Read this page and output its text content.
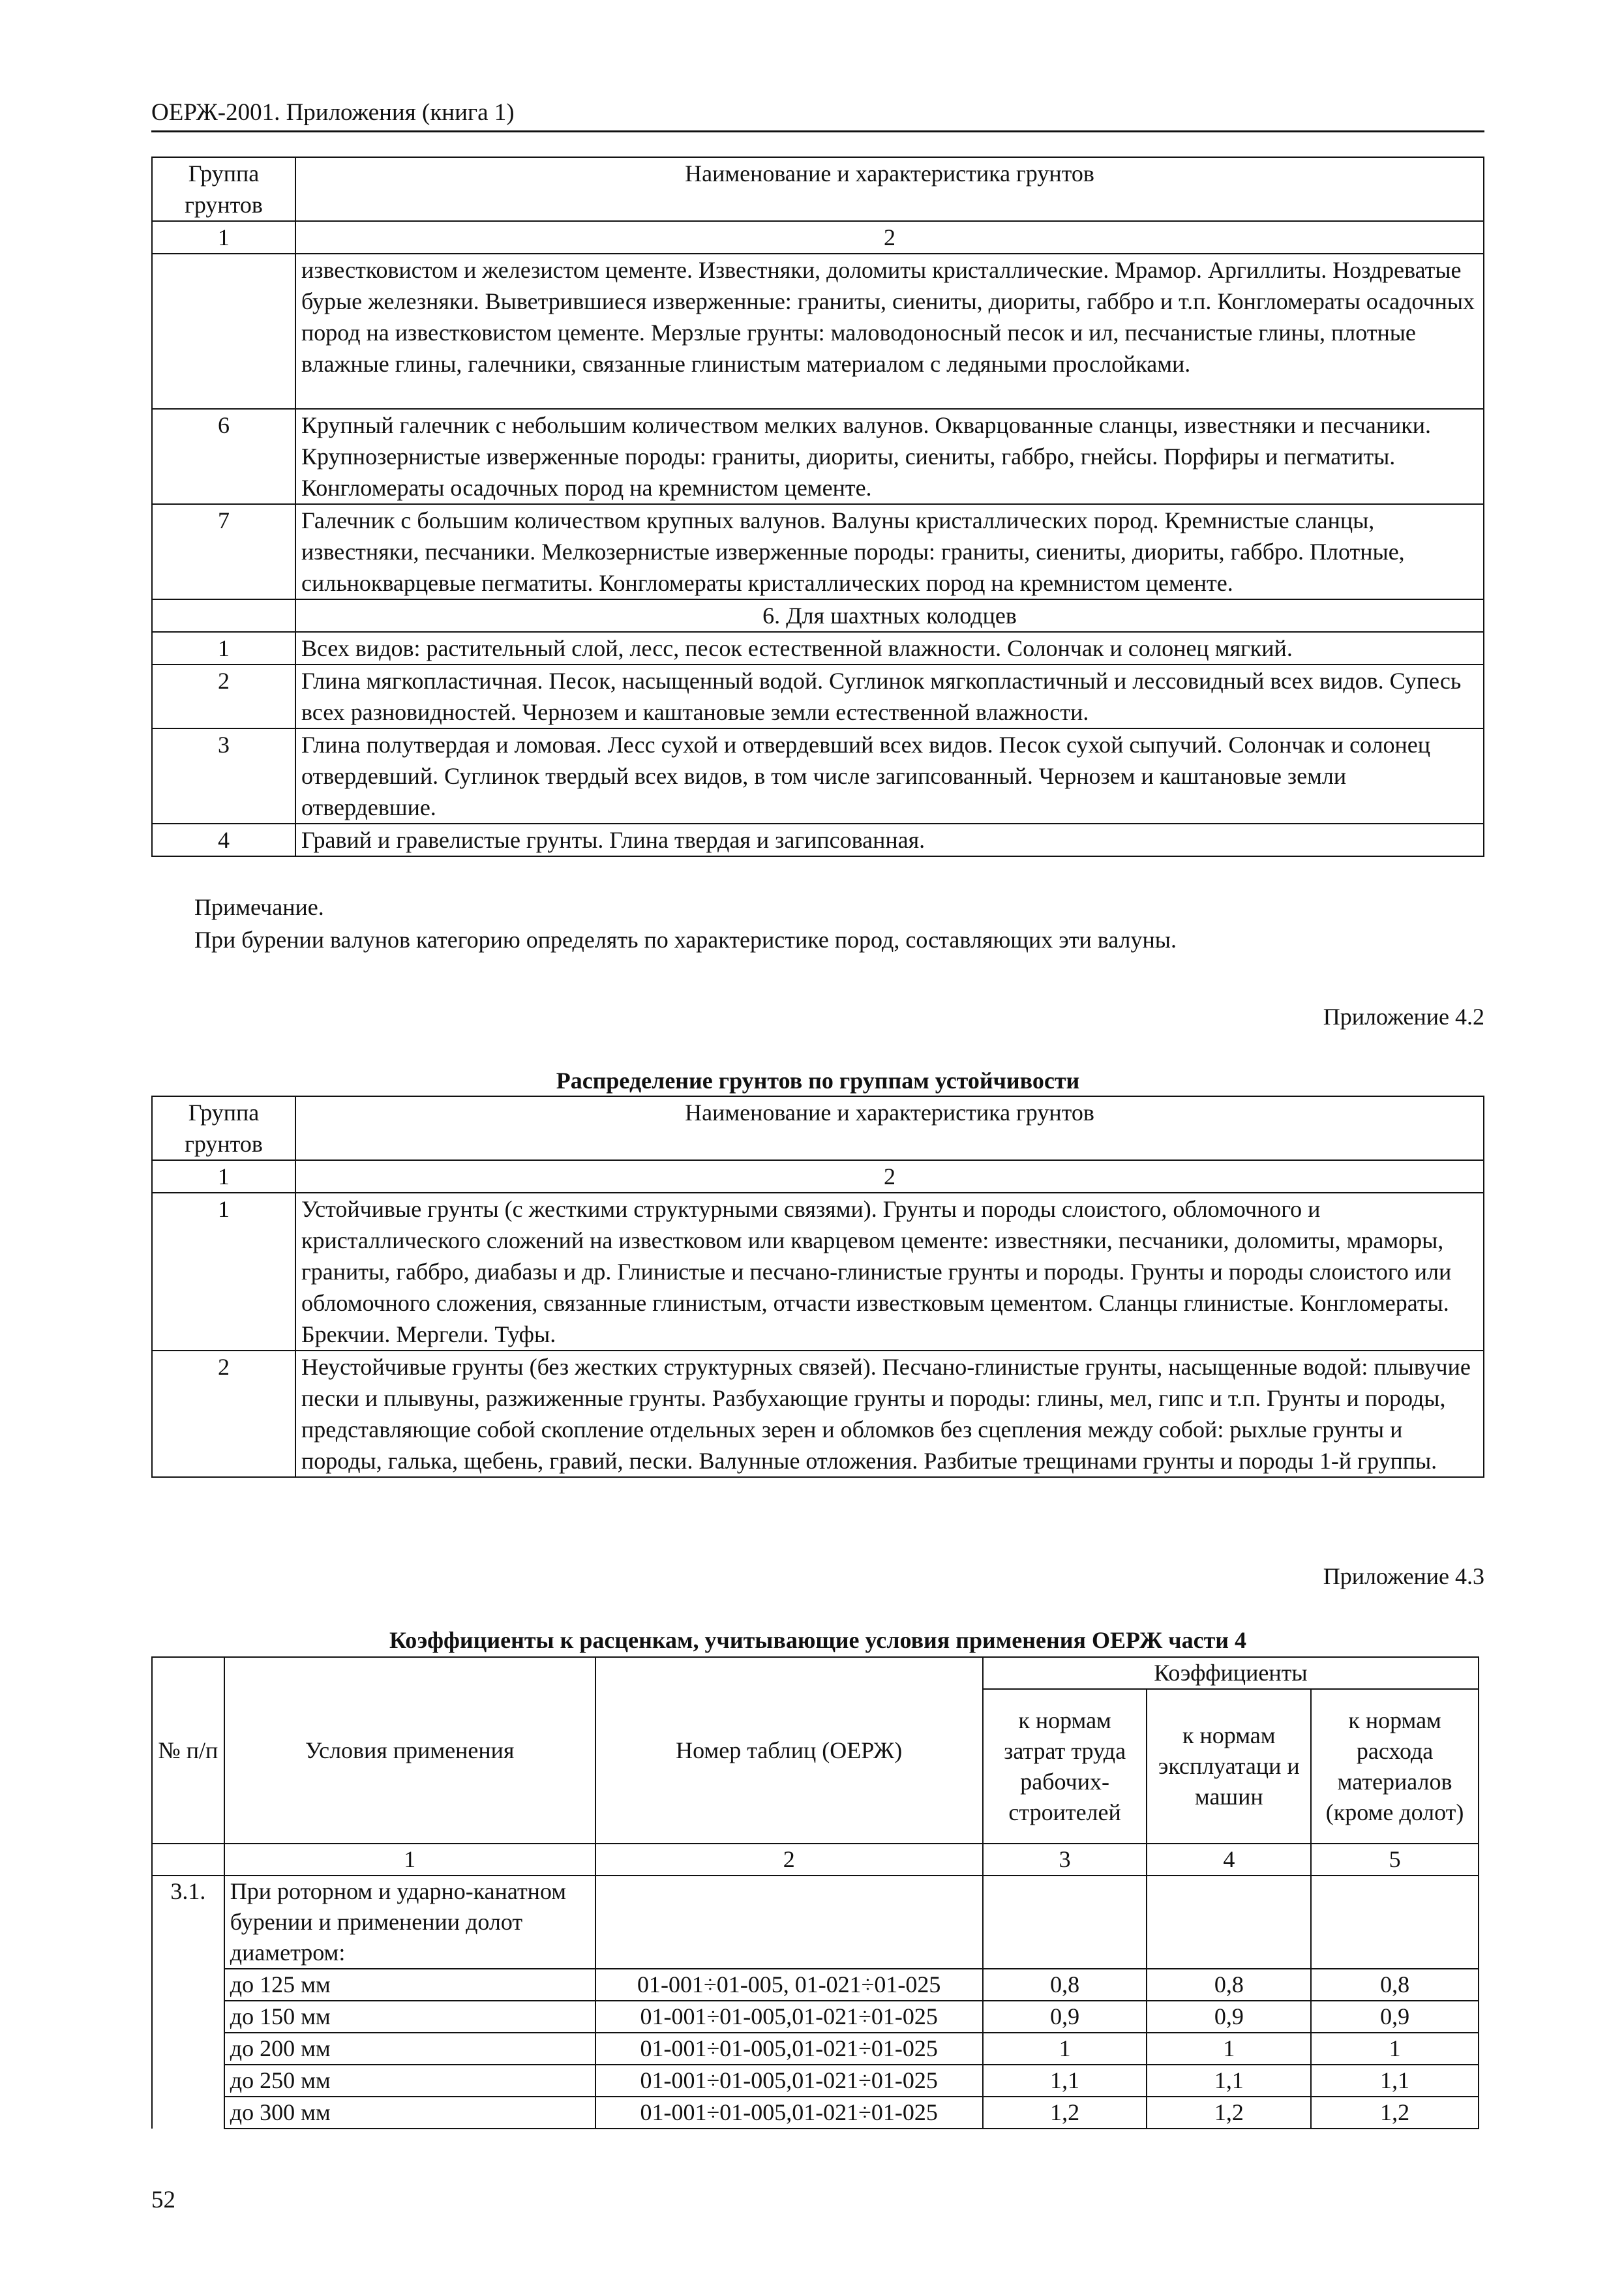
ОЕРЖ-2001. Приложения (книга 1)
Группа грунтов	Наименование и характеристика грунтов
1	2
	известковистом и железистом цементе. Известняки, доломиты кристаллические. Мрамор. Аргиллиты. Ноздреватые бурые железняки. Выветрившиеся изверженные: граниты, сиениты, диориты, габбро и т.п. Конгломераты осадочных пород на известковистом цементе. Мерзлые грунты: маловодоносный песок и ил, песчанистые глины, плотные влажные глины, галечники, связанные глинистым материалом с ледяными прослойками.
6	Крупный галечник с небольшим количеством мелких валунов. Окварцованные сланцы, известняки и песчаники. Крупнозернистые изверженные породы: граниты, диориты, сиениты, габбро, гнейсы. Порфиры и пегматиты. Конгломераты осадочных пород на кремнистом цементе.
7	Галечник с большим количеством крупных валунов. Валуны кристаллических пород. Кремнистые сланцы, известняки, песчаники. Мелкозернистые изверженные породы: граниты, сиениты, диориты, габбро. Плотные, сильнокварцевые пегматиты. Конгломераты кристаллических пород на кремнистом цементе.
	6. Для шахтных колодцев
1	Всех видов: растительный слой, лесс, песок естественной влажности. Солончак и солонец мягкий.
2	Глина мягкопластичная. Песок, насыщенный водой. Суглинок мягкопластичный и лессовидный всех видов. Супесь всех разновидностей. Чернозем и каштановые земли естественной влажности.
3	Глина полутвердая и ломовая. Лесс сухой и отвердевший всех видов. Песок сухой сыпучий. Солончак и солонец отвердевший. Суглинок твердый всех видов, в том числе загипсованный. Чернозем и каштановые земли отвердевшие.
4	Гравий и гравелистые грунты. Глина твердая и загипсованная.
Примечание.
При бурении валунов категорию определять по характеристике пород, составляющих эти валуны.
Приложение 4.2
Распределение грунтов по группам устойчивости
Группа грунтов	Наименование и характеристика грунтов
1	2
1	Устойчивые грунты (с жесткими структурными связями). Грунты и породы слоистого, обломочного и кристаллического сложений на известковом или кварцевом цементе: известняки, песчаники, доломиты, мраморы, граниты, габбро, диабазы и др. Глинистые и песчано-глинистые грунты и породы. Грунты и породы слоистого или обломочного сложения, связанные глинистым, отчасти известковым цементом. Сланцы глинистые. Конгломераты. Брекчии. Мергели. Туфы.
2	Неустойчивые грунты (без жестких структурных связей). Песчано-глинистые грунты, насыщенные водой: плывучие пески и плывуны, разжиженные грунты. Разбухающие грунты и породы: глины, мел, гипс и т.п. Грунты и породы, представляющие собой скопление отдельных зерен и обломков без сцепления между собой: рыхлые грунты и породы, галька, щебень, гравий, пески. Валунные отложения. Разбитые трещинами грунты и породы 1-й группы.
Приложение 4.3
Коэффициенты к расценкам, учитывающие условия применения ОЕРЖ части 4
№ п/п	Условия применения	Номер таблиц (ОЕРЖ)	Коэффициенты		
			к нормам затрат труда рабочих-строителей	к нормам эксплуатаци и машин	к нормам расхода материалов (кроме долот)
	1	2	3	4	5
3.1.	При роторном и ударно-канатном бурении и применении долот диаметром:				
	до 125 мм	01-001÷01-005, 01-021÷01-025	0,8	0,8	0,8
	до 150 мм	01-001÷01-005,01-021÷01-025	0,9	0,9	0,9
	до 200 мм	01-001÷01-005,01-021÷01-025	1	1	1
	до 250 мм	01-001÷01-005,01-021÷01-025	1,1	1,1	1,1
	до 300 мм	01-001÷01-005,01-021÷01-025	1,2	1,2	1,2
52
